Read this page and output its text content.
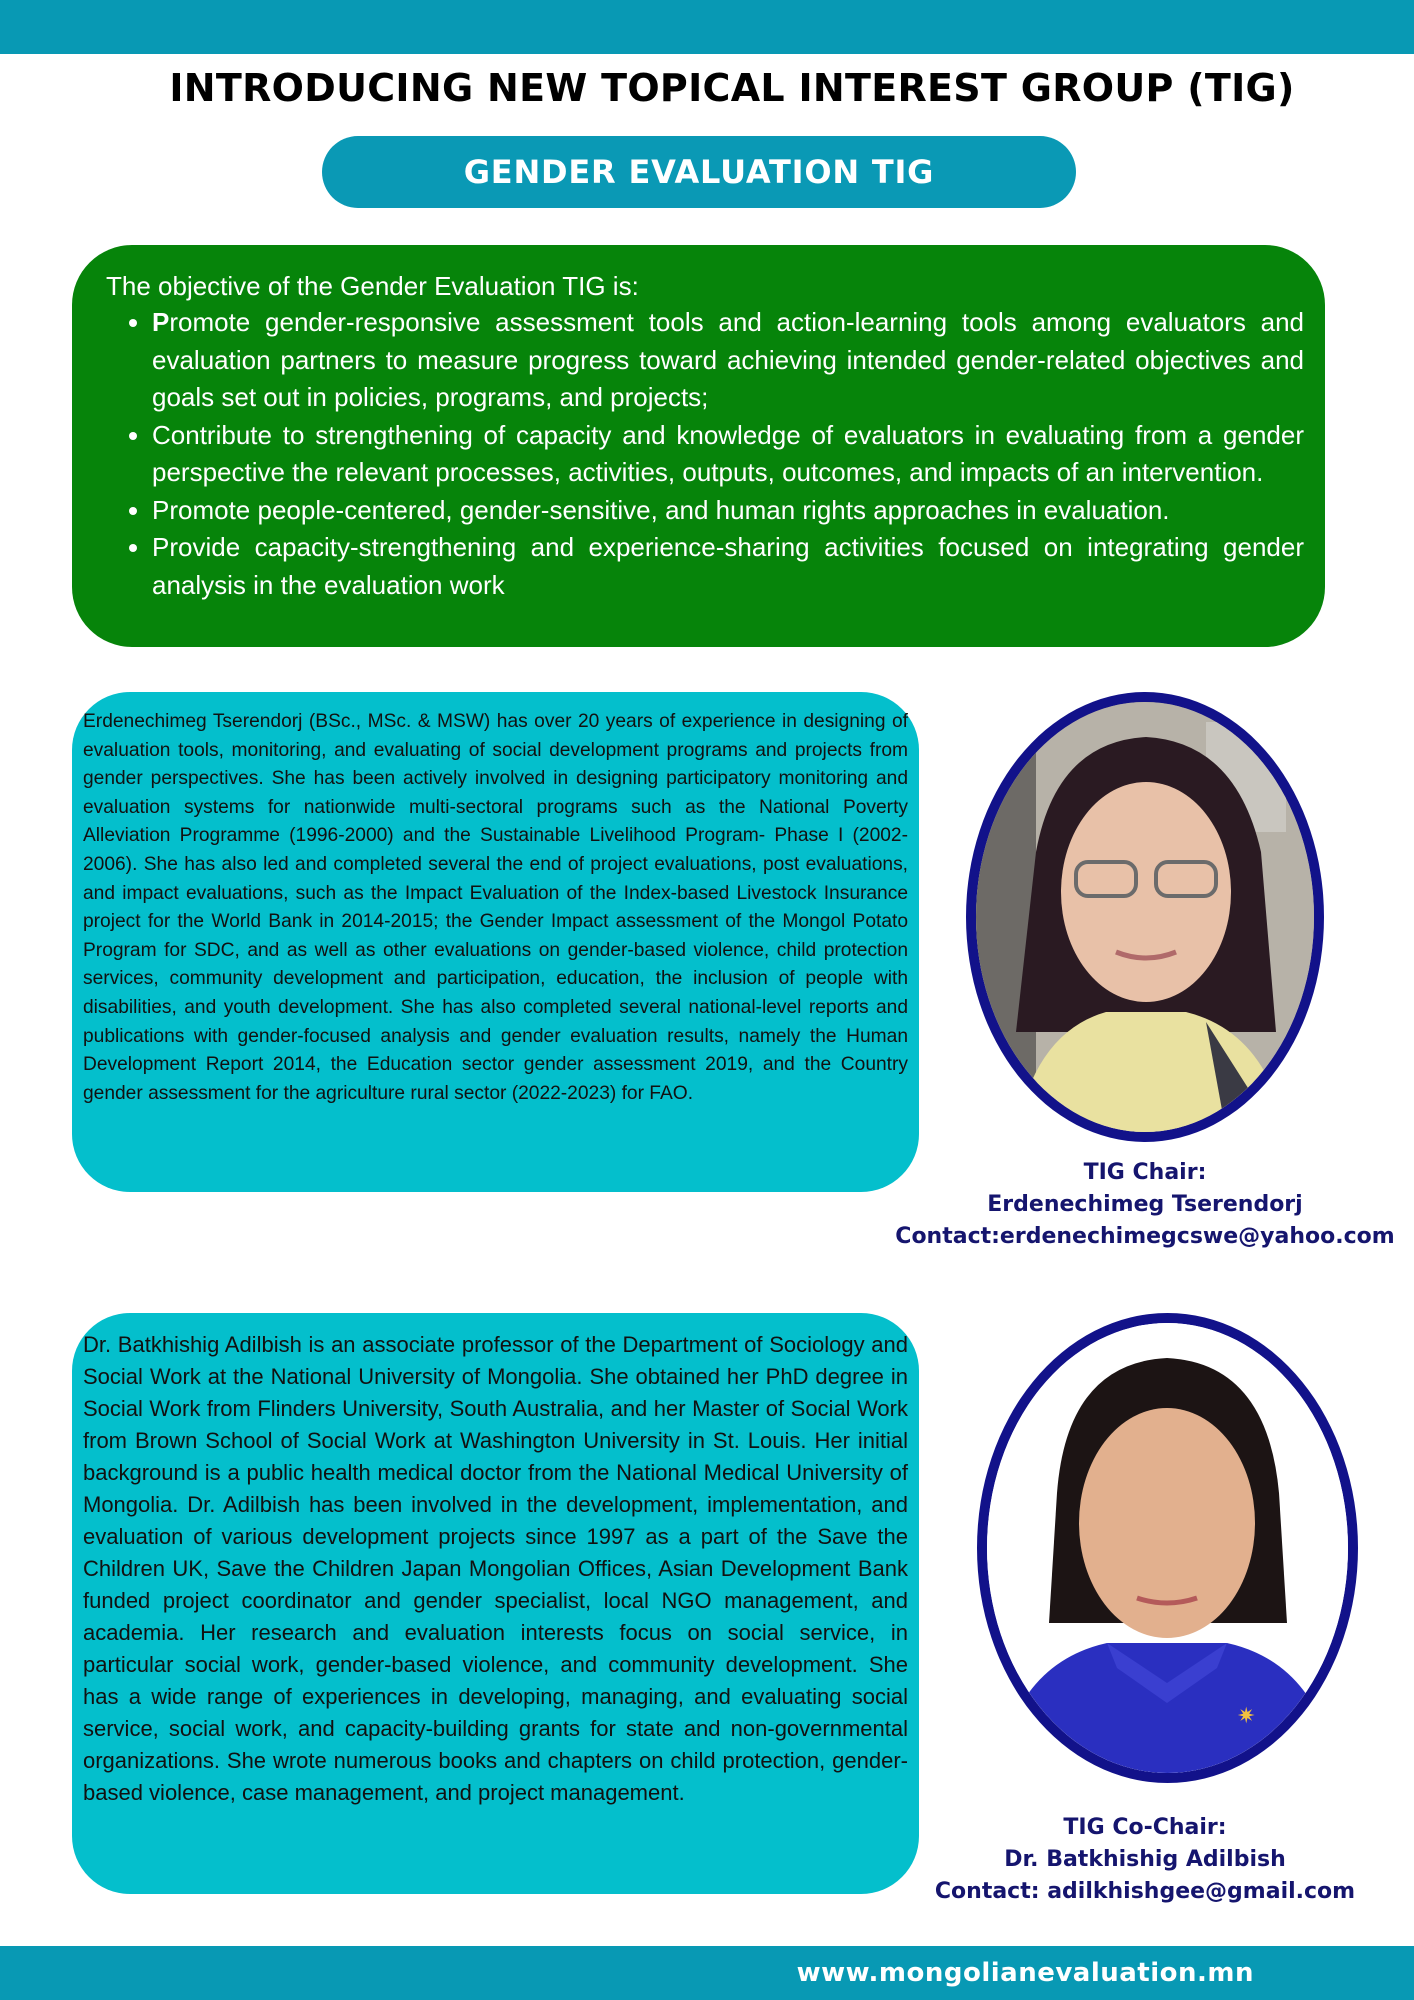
INTRODUCING NEW TOPICAL INTEREST GROUP (TIG)
GENDER EVALUATION TIG

The objective of the Gender Evaluation TIG is:

• Promote gender-responsive assessment tools and action-learning tools among evaluators and evaluation partners to measure progress toward achieving intended gender-related objectives and goals set out in policies, programs, and projects;
• Contribute to strengthening of capacity and knowledge of evaluators in evaluating from a gender perspective the relevant processes, activities, outputs, outcomes, and impacts of an intervention.
• Promote people-centered, gender-sensitive, and human rights approaches in evaluation.
• Provide capacity-strengthening and experience-sharing activities focused on integrating gender analysis in the evaluation work
Erdenechimeg Tserendorj (BSc., MSc. & MSW) has over 20 years of experience in designing of evaluation tools, monitoring, and evaluating of social development programs and projects from gender perspectives. She has been actively involved in designing participatory monitoring and evaluation systems for nationwide multi-sectoral programs such as the National Poverty Alleviation Programme (1996-2000) and the Sustainable Livelihood Program- Phase I (2002-2006). She has also led and completed several the end of project evaluations, post evaluations, and impact evaluations, such as the Impact Evaluation of the Index-based Livestock Insurance project for the World Bank in 2014-2015; the Gender Impact assessment of the Mongol Potato Program for SDC, and as well as other evaluations on gender-based violence, child protection services, community development and participation, education, the inclusion of people with disabilities, and youth development. She has also completed several national-level reports and publications with gender-focused analysis and gender evaluation results, namely the Human Development Report 2014, the Education sector gender assessment 2019, and the Country gender assessment for the agriculture rural sector (2022-2023) for FAO.
TIG Chair:
Erdenechimeg Tserendorj
Contact:erdenechimegcswe@yahoo.com
Dr. Batkhishig Adilbish is an associate professor of the Department of Sociology and Social Work at the National University of Mongolia. She obtained her PhD degree in Social Work from Flinders University, South Australia, and her Master of Social Work from Brown School of Social Work at Washington University in St. Louis. Her initial background is a public health medical doctor from the National Medical University of Mongolia. Dr. Adilbish has been involved in the development, implementation, and evaluation of various development projects since 1997 as a part of the Save the Children UK, Save the Children Japan Mongolian Offices, Asian Development Bank funded project coordinator and gender specialist, local NGO management, and academia. Her research and evaluation interests focus on social service, in particular social work, gender-based violence, and community development. She has a wide range of experiences in developing, managing, and evaluating social service, social work, and capacity-building grants for state and non-governmental organizations. She wrote numerous books and chapters on child protection, gender-based violence, case management, and project management.
✷
TIG Co-Chair:
Dr. Batkhishig Adilbish
Contact: adilkhishgee@gmail.com
www.mongolianevaluation.mn
